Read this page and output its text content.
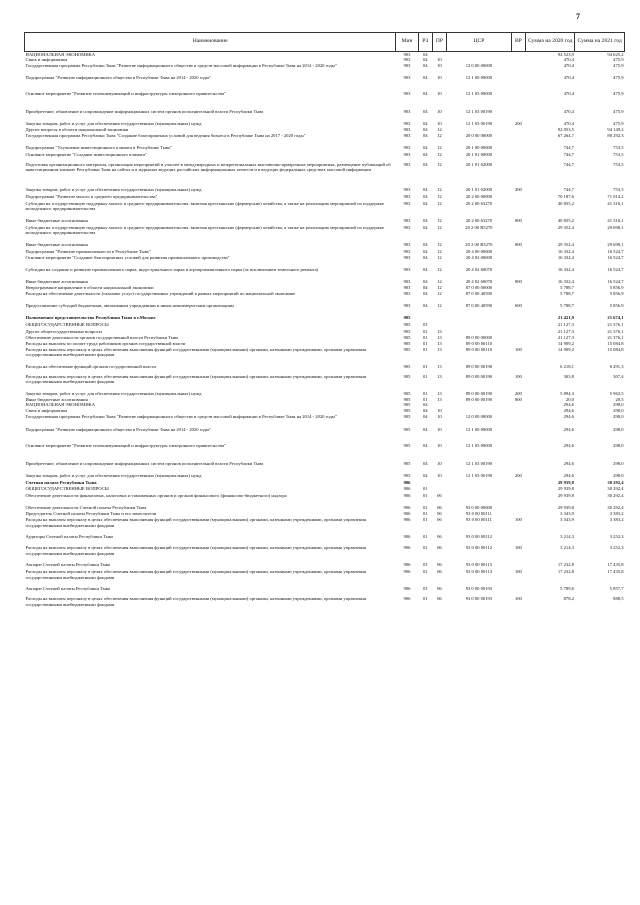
7
Наименование	Мин	РЗ	ПР	ЦСР	ВР	Сумма на 2020 год	Сумма на 2021 год
НАЦИОНАЛЬНАЯ ЭКОНОМИКА	903	04				92 523,9	94 625,2
Связь и информатика	903	04	10			470,4	475,9
Государственная программа Республики Тыва "Развитие информационного общества и средств массовой информации в Республике Тыва на 2014 - 2020 годы"	903	04	10	12 0 00 00000		470,4	475,9
Подпрограмма "Развитие информационного общества в Республике Тыва на 2014 - 2020 годы"	903	04	10	12 1 00 00000		470,4	475,9
Основное мероприятие "Развитие телекоммуникаций и инфраструктуры электронного правительства"	903	04	10	12 1 03 00000		470,4	475,9
Приобретение, обновление и сопровождение информационных систем органов исполнительной власти Республики Тыва	903	04	10	12 1 03 00190		470,4	475,9
Закупка товаров, работ и услуг для обеспечения государственных (муниципальных) нужд	903	04	10	12 1 03 00190	200	470,4	475,9
Другие вопросы в области национальной экономики	903	04	12			92 053,5	94 149,2
Государственная программа Республики Тыва "Создание благоприятных условий для ведения бизнеса в Республике Тыва на 2017 - 2020 годы"	903	04	12	20 0 00 00000		67 264,7	88 292,3
Подпрограмма "Улучшение инвестиционного климата в Республике Тыва"	903	04	12	20 1 00 00000		744,7	753,5
Основное мероприятие "Создание инвестиционного климата"	903	04	12	20 1 01 00000		744,7	753,5
Подготовка организационного материала, организация мероприятий и участие в международных и межрегиональных выставочно-ярмарочных мероприятиях, размещение публикаций об инвестиционном климате Республики Тыва на сайтах и в журналах ведущих российских информационных агентств и в ведущих федеральных средствах массовой информации	903	04	12	20 1 01 02000		744,7	753,5
Закупка товаров, работ и услуг для обеспечения государственных (муниципальных) нужд	903	04	12	20 1 01 02000	200	744,7	753,5
Подпрограмма "Развитие малого и среднего предпринимательства"	903	04	12	20 2 00 00000		70 187,6	71 014,2
Субсидии на государственную поддержку малого и среднего предпринимательства, включая крестьянские (фермерские) хозяйства, а также на реализацию мероприятий по поддержке молодежного предпринимательства	903	04	12	20 2 00 63270		40 835,2	41 316,1
Иные бюджетные ассигнования	903	04	12	20 2 00 63270	800	40 835,2	41 316,1
Субсидии на государственную поддержку малого и среднего предпринимательства, включая крестьянские (фермерские) хозяйства, а также на реализацию мероприятий по поддержке молодежного предпринимательства	903	04	12	20 2 00 R5270		29 352,4	29 698,1
Иные бюджетные ассигнования	903	04	12	20 2 00 R5270	800	29 352,4	29 698,1
Подпрограмма "Развитие промышленности в Республике Тыва"	903	04	12	20 4 00 00000		16 332,4	16 524,7
Основное мероприятие "Создание благоприятных условий для развития промышленного производства"	903	04	12	20 4 02 00000		16 332,4	16 524,7
Субсидии на создание и развитие промышленного парка, индустриального парка и агропромышленного парка (за исключением земельного ремонта)	903	04	12	20 4 02 60070		16 332,4	16 524,7
Иные бюджетные ассигнования	903	04	12	20 4 02 60070	800	16 332,4	16 524,7
Непрограммное направление в области национальной экономики	903	04	12	87 0 00 00000		5 788,7	5 856,9
Расходы на обеспечение деятельности (оказание услуг) государственных учреждений в рамках мероприятий по национальной экономике	903	04	12	87 0 00 40590		5 788,7	5 856,9
Предоставление субсидий бюджетным, автономным учреждениям и иным некоммерческим организациям	903	04	12	87 0 00 40590	600	5 788,7	5 856,9
Полномочное представительство Республики Тыва в г.Москве	905					21 421,9	21 674,1
ОБЩЕГОСУДАРСТВЕННЫЕ ВОПРОСЫ	905	01				21 127,3	21 376,1
Другие общегосударственные вопросы	905	01	13			21 127,3	21 376,1
Обеспечение деятельности органов государственной власти Республики Тыва	905	01	13	89 0 00 00000		21 127,3	21 376,1
Расходы на выплаты по оплате труда работников органов государственной власти	905	01	13	89 0 00 00110		14 909,2	15 084,8
Расходы на выплаты персоналу в целях обеспечения выполнения функций государственными (муниципальными) органами, казенными учреждениями, органами управления государственными внебюджетными фондами	905	01	13	89 0 00 00110	100	14 909,2	15 084,8
Расходы на обеспечение функций органов государственной власти	905	01	13	89 0 00 00190		6 218,1	6 291,3
Расходы на выплаты персоналу в целях обеспечения выполнения функций государственными (муниципальными) органами, казенными учреждениями, органами управления государственными внебюджетными фондами	905	01	13	89 0 00 00190	100	303,8	307,4
Закупка товаров, работ и услуг для обеспечения государственных (муниципальных) нужд	905	01	13	89 0 00 00190	200	5 894,3	5 963,5
Иные бюджетные ассигнования	905	01	13	89 0 00 00190	800	20,0	20,5
НАЦИОНАЛЬНАЯ ЭКОНОМИКА	905	04				294,6	298,0
Связь и информатика	905	04	10			294,6	298,0
Государственная программа Республики Тыва "Развитие информационного общества и средств массовой информации в Республике Тыва на 2014 - 2020 годы"	905	04	10	12 0 00 00000		294,6	298,0
Подпрограмма "Развитие информационного общества в Республике Тыва на 2014 - 2020 годы"	905	04	10	12 1 00 00000		294,6	298,0
Основное мероприятие "Развитие телекоммуникаций и инфраструктуры электронного правительства"	905	04	10	12 1 03 00000		294,6	298,0
Приобретение, обновление и сопровождение информационных систем органов исполнительной власти Республики Тыва	905	04	10	12 1 03 00190		294,6	298,0
Закупка товаров, работ и услуг для обеспечения государственных (муниципальных) нужд	905	04	10	12 1 03 00190	200	294,6	298,0
Счетная палата Республики Тыва	906					29 939,8	30 292,4
ОБЩЕГОСУДАРСТВЕННЫЕ ВОПРОСЫ	906	01				29 939,8	30 292,4
Обеспечение деятельности финансовых, налоговых и таможенных органов и органов финансового (финансово-бюджетного) надзора	906	01	06			29 939,8	30 292,4
Обеспечение деятельности Счетной палаты Республики Тыва	906	01	06	93 0 00 00000		29 939,8	30 292,4
Председатель Счетной палаты Республики Тыва и его заместители	906	01	06	93 0 00 00111		3 343,9	3 383,2
Расходы на выплаты персоналу в целях обеспечения выполнения функций государственными (муниципальными) органами, казенными учреждениями, органами управления государственными внебюджетными фондами	906	01	06	93 0 00 00111	100	3 343,9	3 383,2
Аудиторы Счетной палаты Республики Тыва	906	01	06	93 0 00 00112		3 214,3	3 252,3
Расходы на выплаты персоналу в целях обеспечения выполнения функций государственными (муниципальными) органами, казенными учреждениями, органами управления государственными внебюджетными фондами	906	01	06	93 0 00 00112	100	3 214,3	3 252,3
Аппарат Счетной палаты Республики Тыва	906	01	06	93 0 00 00113		17 232,8	17 435,8
Расходы на выплаты персоналу в целях обеспечения выполнения функций государственными (муниципальными) органами, казенными учреждениями, органами управления государственными внебюджетными фондами	906	01	06	93 0 00 00113	100	17 232,8	17 435,8
Аппарат Счетной палаты Республики Тыва	906	01	06	93 0 00 00193		5 789,6	5 857,7
Расходы на выплаты персоналу в целях обеспечения выполнения функций государственными (муниципальными) органами, казенными учреждениями, органами управления государственными внебюджетными фондами	906	01	06	93 0 00 00193	100	878,2	888,5
